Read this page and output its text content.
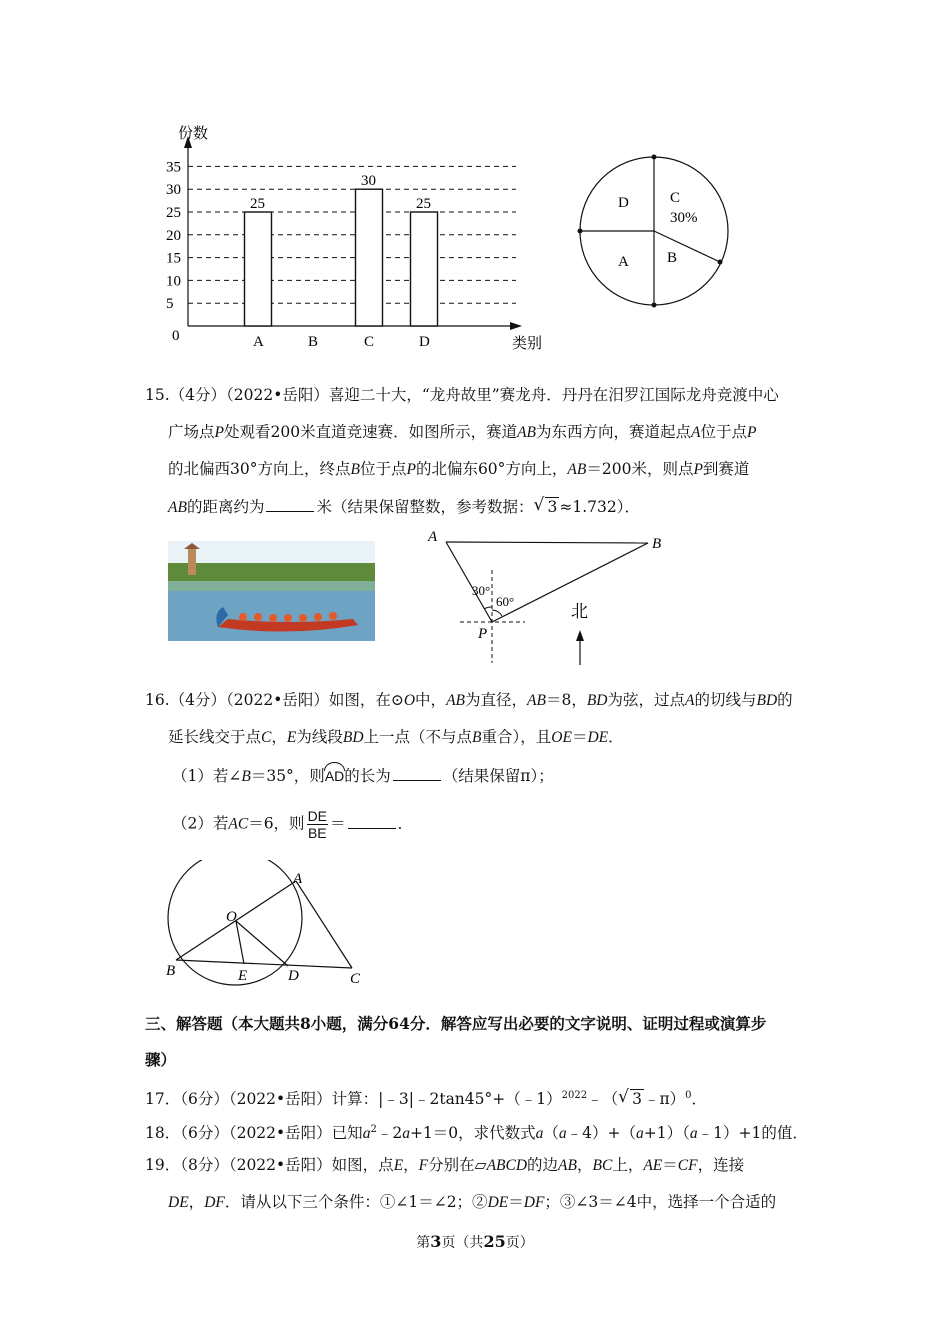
份数
类别
0
5
10
15
20
25
30
35
A	B	C	D
25
30
25	D	C
30%
A	B
15.（4分）（2022•岳阳）喜迎二十大，“龙舟故里”赛龙舟．丹丹在汨罗江国际龙舟竞渡中心
广场点P处观看200米直道竞速赛．如图所示，赛道AB为东西方向，赛道起点A位于点P
的北偏西30°方向上，终点B位于点P的北偏东60°方向上，AB＝200米，则点P到赛道
AB的距离约为	米（结果保留整数，参考数据： √ 3 ≈1.732）．
A	B
P
30°
60°
北
16.（4分）（2022•岳阳）如图，在⊙O中，AB为直径，AB＝8，BD为弦，过点A的切线与BD的
延长线交于点C，E为线段BD上一点（不与点B重合），且OE＝DE．
（1）若∠B＝35°，则AD的长为	（结果保留π）；
（2）若AC＝6，则 $\frac{DE}{BE}$ ＝	．
A
O
B	E	D	C
三、解答题（本大题共8小题，满分64分．解答应写出必要的文字说明、证明过程或演算步
骤）
17．（6分）（2022•岳阳）计算：|﹣3|﹣2tan45°+（﹣1）$^{2022}$﹣（ √ 3 ﹣π）$^0$．
18．（6分）（2022•岳阳）已知$a^2﹣2a+1=0$，求代数式a（a﹣4）+（a+1）（a﹣1）+1的值．
19．（8分）（2022•岳阳）如图，点E，F分别在▱ABCD的边AB，BC上，AE＝CF，连接
DE，DF．请从以下三个条件：①∠1＝∠2；②DE＝DF；③∠3＝∠4中，选择一个合适的
第3页（共25页）
